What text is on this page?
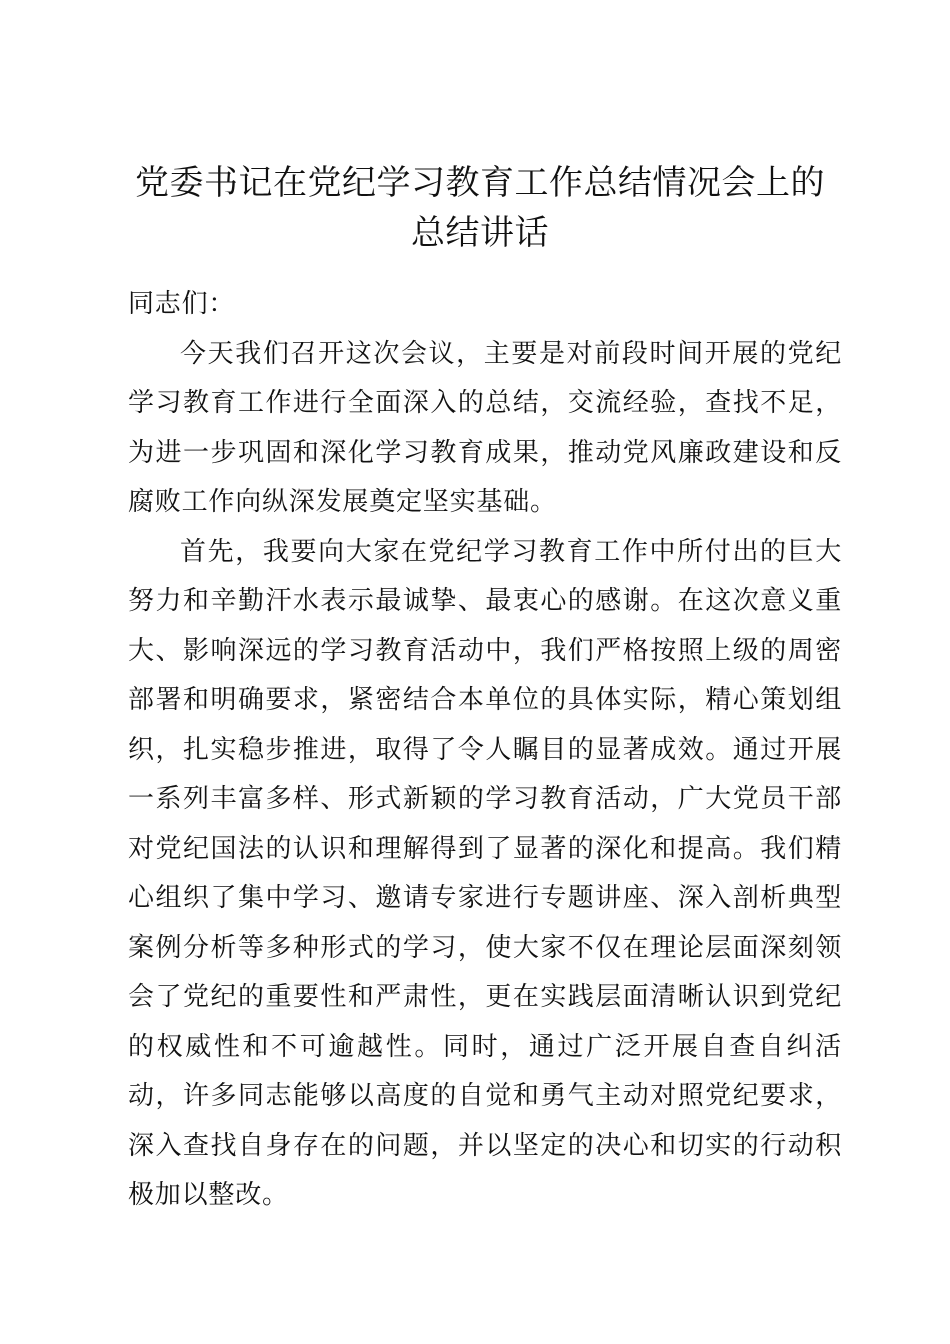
党委书记在党纪学习教育工作总结情况会上的总结讲话

同志们：

今天我们召开这次会议，主要是对前段时间开展的党纪学习教育工作进行全面深入的总结，交流经验，查找不足，为进一步巩固和深化学习教育成果，推动党风廉政建设和反腐败工作向纵深发展奠定坚实基础。

首先，我要向大家在党纪学习教育工作中所付出的巨大努力和辛勤汗水表示最诚挚、最衷心的感谢。在这次意义重大、影响深远的学习教育活动中，我们严格按照上级的周密部署和明确要求，紧密结合本单位的具体实际，精心策划组织，扎实稳步推进，取得了令人瞩目的显著成效。通过开展一系列丰富多样、形式新颖的学习教育活动，广大党员干部对党纪国法的认识和理解得到了显著的深化和提高。我们精心组织了集中学习、邀请专家进行专题讲座、深入剖析典型案例分析等多种形式的学习，使大家不仅在理论层面深刻领会了党纪的重要性和严肃性，更在实践层面清晰认识到党纪的权威性和不可逾越性。同时，通过广泛开展自查自纠活动，许多同志能够以高度的自觉和勇气主动对照党纪要求，深入查找自身存在的问题，并以坚定的决心和切实的行动积极加以整改。
